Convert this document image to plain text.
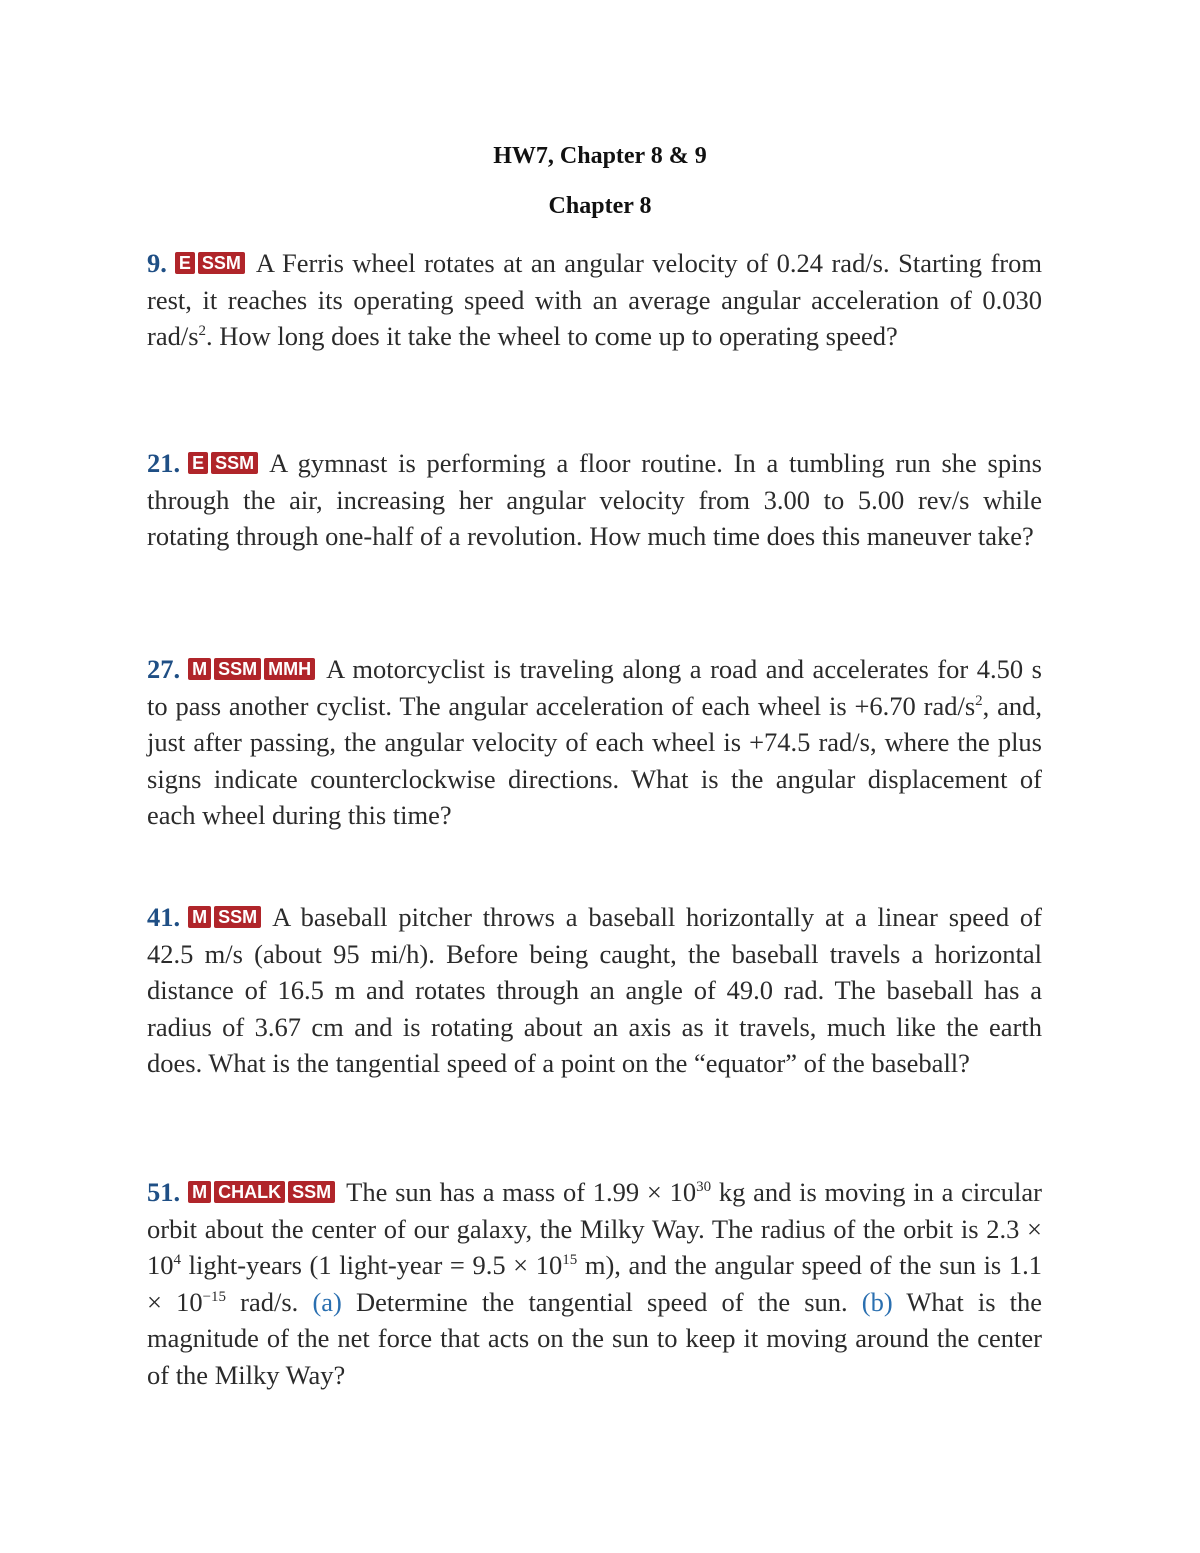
HW7, Chapter 8 & 9
Chapter 8
9. E SSM A Ferris wheel rotates at an angular velocity of 0.24 rad/s. Starting from rest, it reaches its operating speed with an average angular acceleration of 0.030 rad/$s^2$. How long does it take the wheel to come up to operating speed?
21. E SSM A gymnast is performing a floor routine. In a tumbling run she spins through the air, increasing her angular velocity from 3.00 to 5.00 rev/s while rotating through one-half of a revolution. How much time does this maneuver take?
27. M SSM MMH A motorcyclist is traveling along a road and accelerates for 4.50 s to pass another cyclist. The angular acceleration of each wheel is +6.70 rad/$s^2$, and, just after passing, the angular velocity of each wheel is +74.5 rad/s, where the plus signs indicate counterclockwise directions. What is the angular displacement of each wheel during this time?
41. M SSM A baseball pitcher throws a baseball horizontally at a linear speed of 42.5 m/s (about 95 mi/h). Before being caught, the baseball travels a horizontal distance of 16.5 m and rotates through an angle of 49.0 rad. The baseball has a radius of 3.67 cm and is rotating about an axis as it travels, much like the earth does. What is the tangential speed of a point on the “equator” of the baseball?
51. M CHALK SSM The sun has a mass of $1.99 \times 10^{30}$ kg and is moving in a circular orbit about the center of our galaxy, the Milky Way. The radius of the orbit is $2.3 \times 10^4$ light-years (1 light-year = $9.5 \times 10^{15}$ m), and the angular speed of the sun is $1.1 \times 10^{-15}$ rad/s. (a) Determine the tangential speed of the sun. (b) What is the magnitude of the net force that acts on the sun to keep it moving around the center of the Milky Way?
